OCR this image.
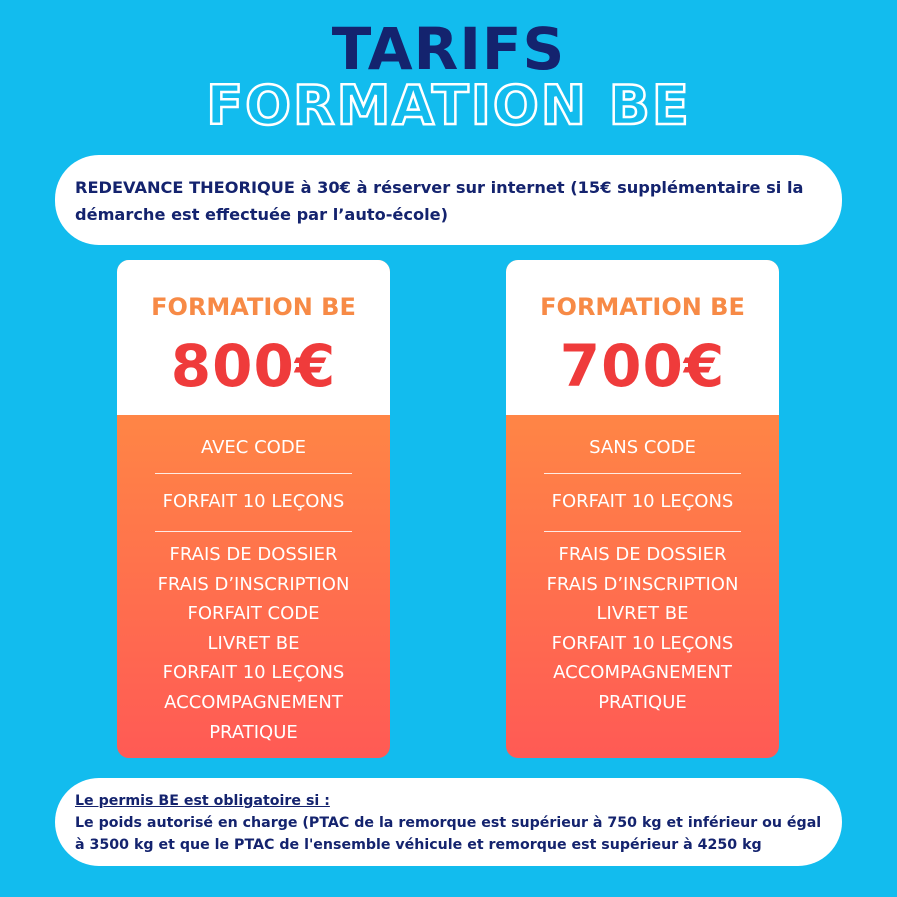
TARIFS
FORMATION BE
REDEVANCE THEORIQUE à 30€ à réserver sur internet (15€ supplémentaire si la démarche est effectuée par l’auto-école)
FORMATION BE
800€
AVEC CODE
FORFAIT 10 LEÇONS
FRAIS DE DOSSIER
FRAIS D’INSCRIPTION
FORFAIT CODE
LIVRET BE
FORFAIT 10 LEÇONS
ACCOMPAGNEMENT
PRATIQUE
FORMATION BE
700€
SANS CODE
FORFAIT 10 LEÇONS
FRAIS DE DOSSIER
FRAIS D’INSCRIPTION
LIVRET BE
FORFAIT 10 LEÇONS
ACCOMPAGNEMENT
PRATIQUE
Le permis BE est obligatoire si :
Le poids autorisé en charge (PTAC de la remorque est supérieur à 750 kg et inférieur ou égal à 3500 kg et que le PTAC de l'ensemble véhicule et remorque est supérieur à 4250 kg
